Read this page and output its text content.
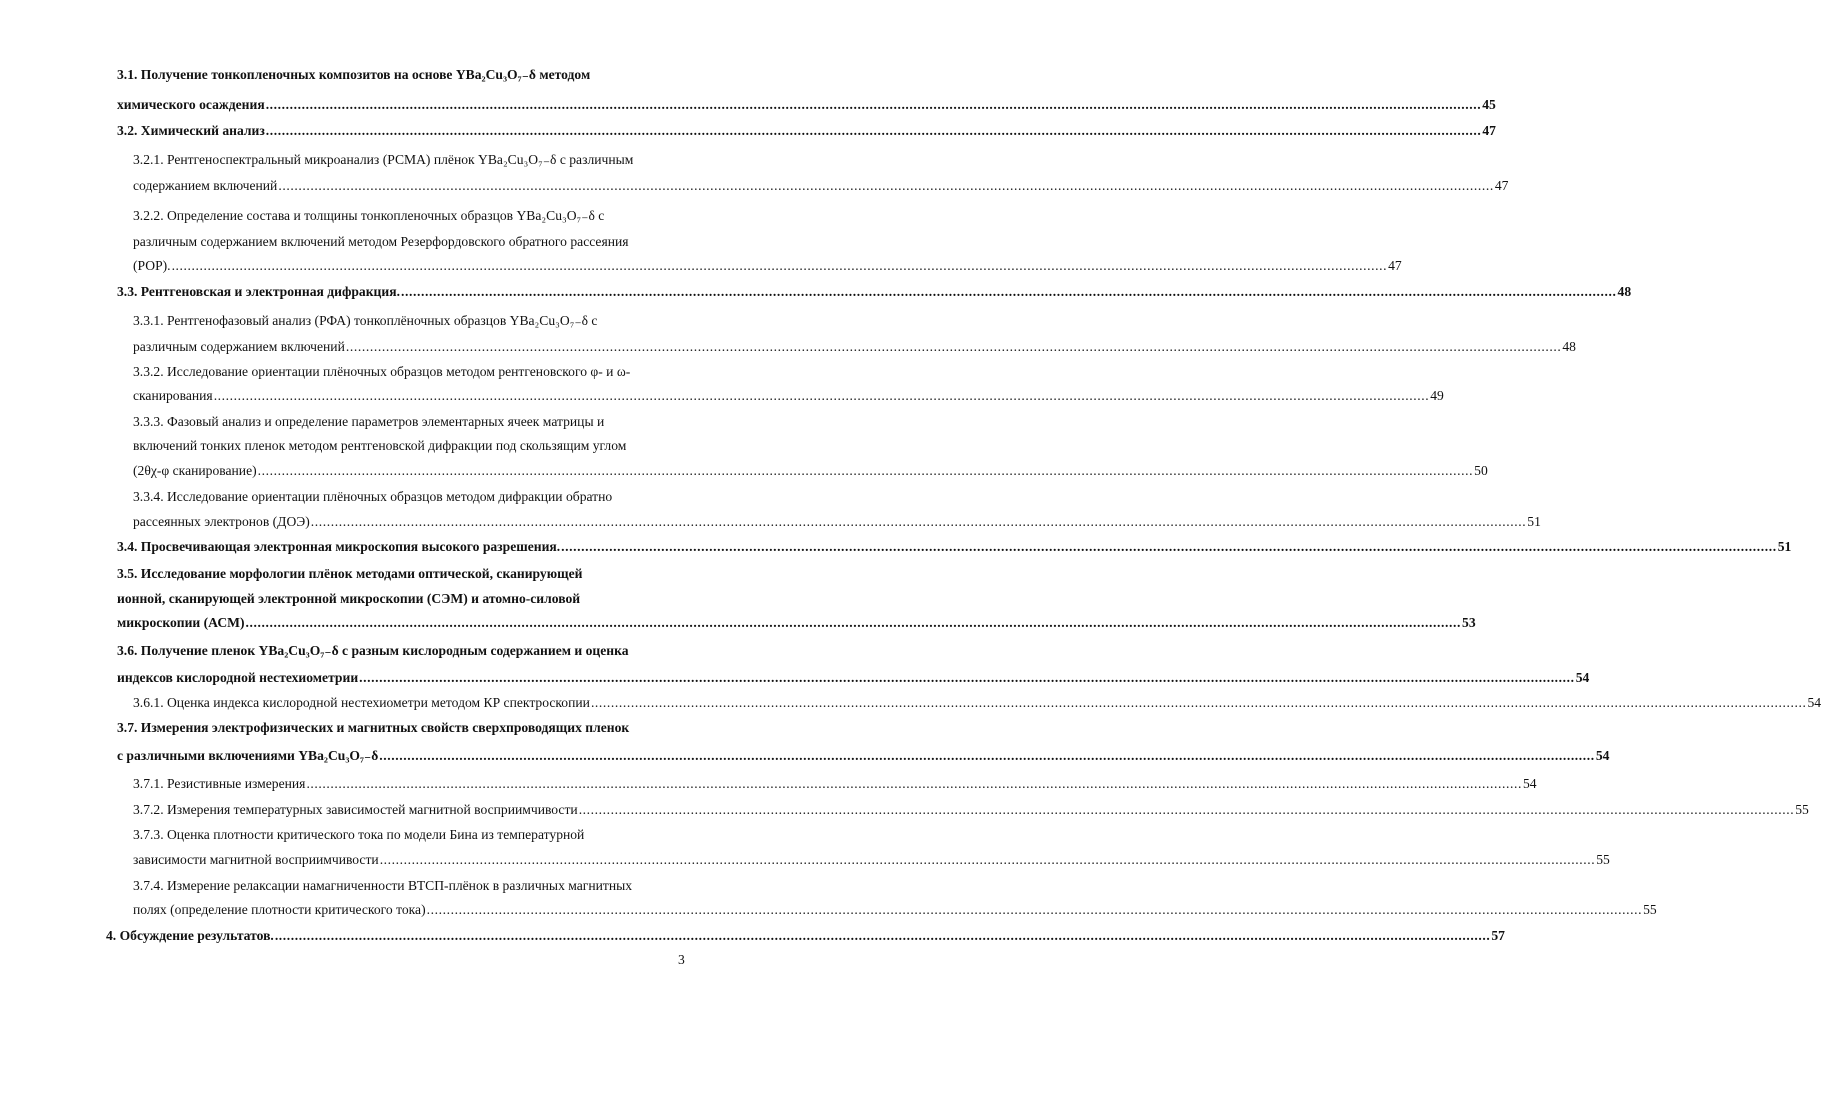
3.1. Получение тонкопленочных композитов на основе YBa₂Cu₃O₇₋δ методом
химического осаждения ................................................................................................................................................................................................................................................................................................................ 45
3.2. Химический анализ ................................................................................................................................................................................................................................................................................................................ 47
3.2.1. Рентгеноспектральный микроанализ (РСМА) плёнок YBa₂Cu₃O₇₋δ с различным
содержанием включений ................................................................................................................................................................................................................................................................................................................ 47
3.2.2. Определение состава и толщины тонкопленочных образцов YBa₂Cu₃O₇₋δ с
различным содержанием включений методом Резерфордовского обратного рассеяния
(РОР). ................................................................................................................................................................................................................................................................................................................ 47
3.3. Рентгеновская и электронная дифракция. ................................................................................................................................................................................................................................................................................................................ 48
3.3.1. Рентгенофазовый анализ (РФА) тонкоплёночных образцов YBa₂Cu₃O₇₋δ с
различным содержанием включений ................................................................................................................................................................................................................................................................................................................ 48
3.3.2. Исследование ориентации плёночных образцов методом рентгеновского φ- и ω-
сканирования ................................................................................................................................................................................................................................................................................................................ 49
3.3.3. Фазовый анализ и определение параметров элементарных ячеек матрицы и
включений тонких пленок методом рентгеновской дифракции под скользящим углом
(2θχ-φ сканирование) ................................................................................................................................................................................................................................................................................................................ 50
3.3.4. Исследование ориентации плёночных образцов методом дифракции обратно
рассеянных электронов (ДОЭ) ................................................................................................................................................................................................................................................................................................................ 51
3.4. Просвечивающая электронная микроскопия высокого разрешения. ................................................................................................................................................................................................................................................................................................................ 51
3.5. Исследование морфологии плёнок методами оптической, сканирующей
ионной, сканирующей электронной микроскопии (СЭМ) и атомно-силовой
микроскопии (АСМ) ................................................................................................................................................................................................................................................................................................................ 53
3.6. Получение пленок YBa₂Cu₃O₇₋δ с разным кислородным содержанием и оценка
индексов кислородной нестехиометрии ................................................................................................................................................................................................................................................................................................................ 54
3.6.1. Оценка индекса кислородной нестехиометри методом КР спектроскопии ................................................................................................................................................................................................................................................................................................................ 54
3.7. Измерения электрофизических и магнитных свойств сверхпроводящих пленок
с различными включениями YBa₂Cu₃O₇₋δ ................................................................................................................................................................................................................................................................................................................ 54
3.7.1. Резистивные измерения ................................................................................................................................................................................................................................................................................................................ 54
3.7.2. Измерения температурных зависимостей магнитной восприимчивости ................................................................................................................................................................................................................................................................................................................ 55
3.7.3. Оценка плотности критического тока по модели Бина из температурной
зависимости магнитной восприимчивости ................................................................................................................................................................................................................................................................................................................ 55
3.7.4. Измерение релаксации намагниченности ВТСП-плёнок в различных магнитных
полях (определение плотности критического тока) ................................................................................................................................................................................................................................................................................................................ 55
4. Обсуждение результатов. ................................................................................................................................................................................................................................................................................................................ 57
3
